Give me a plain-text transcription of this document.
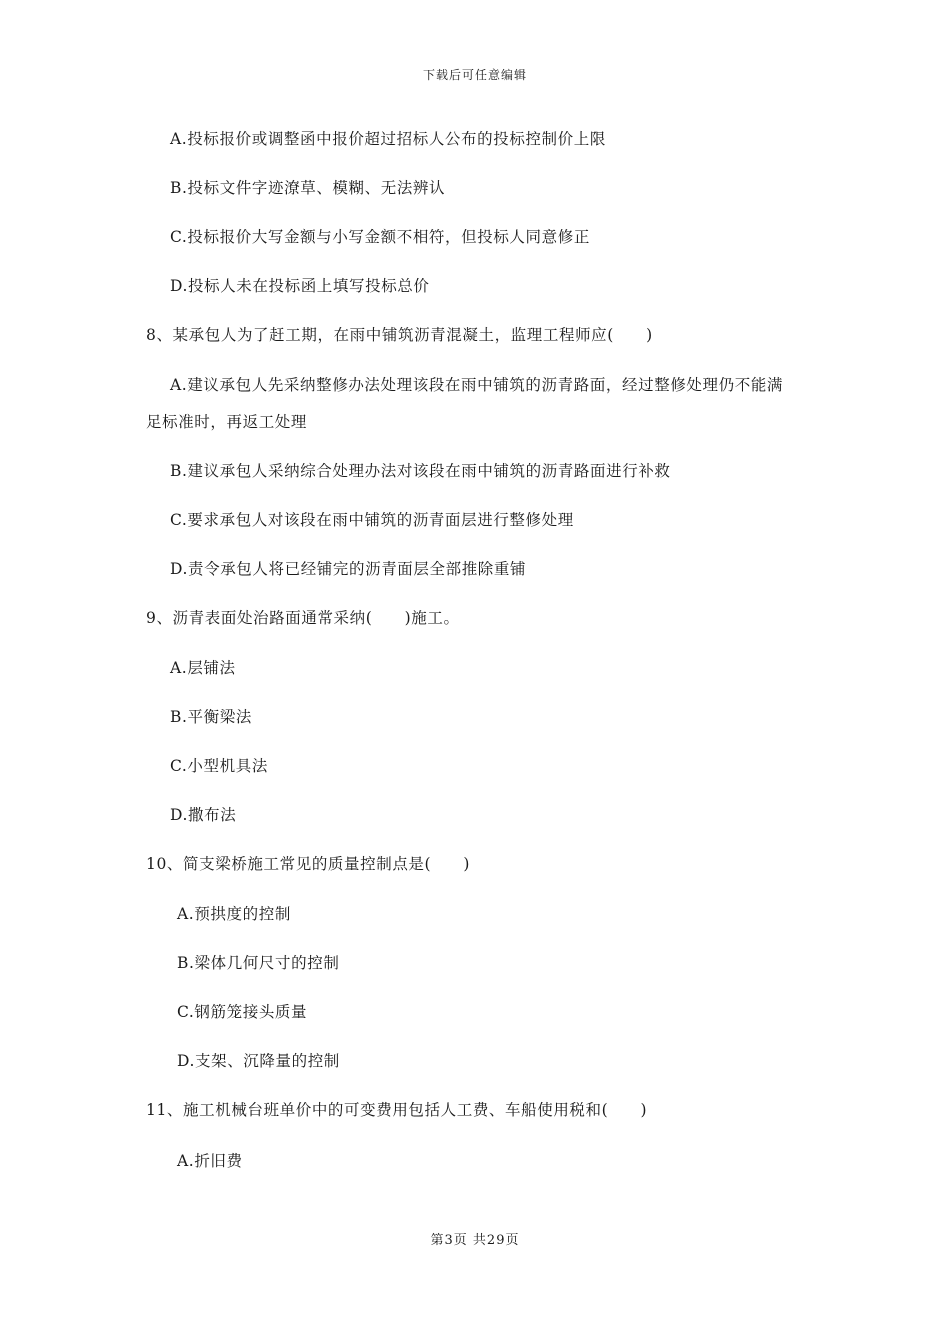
下载后可任意编辑
A.投标报价或调整函中报价超过招标人公布的投标控制价上限
B.投标文件字迹潦草、模糊、无法辨认
C.投标报价大写金额与小写金额不相符，但投标人同意修正
D.投标人未在投标函上填写投标总价
8、某承包人为了赶工期，在雨中铺筑沥青混凝土，监理工程师应(　　)
A.建议承包人先采纳整修办法处理该段在雨中铺筑的沥青路面，经过整修处理仍不能满
足标准时，再返工处理
B.建议承包人采纳综合处理办法对该段在雨中铺筑的沥青路面进行补救
C.要求承包人对该段在雨中铺筑的沥青面层进行整修处理
D.责令承包人将已经铺完的沥青面层全部推除重铺
9、沥青表面处治路面通常采纳(　　)施工。
A.层铺法
B.平衡梁法
C.小型机具法
D.撒布法
10、简支梁桥施工常见的质量控制点是(　　)
A.预拱度的控制
B.梁体几何尺寸的控制
C.钢筋笼接头质量
D.支架、沉降量的控制
11、施工机械台班单价中的可变费用包括人工费、车船使用税和(　　)
A.折旧费
第3页 共29页
